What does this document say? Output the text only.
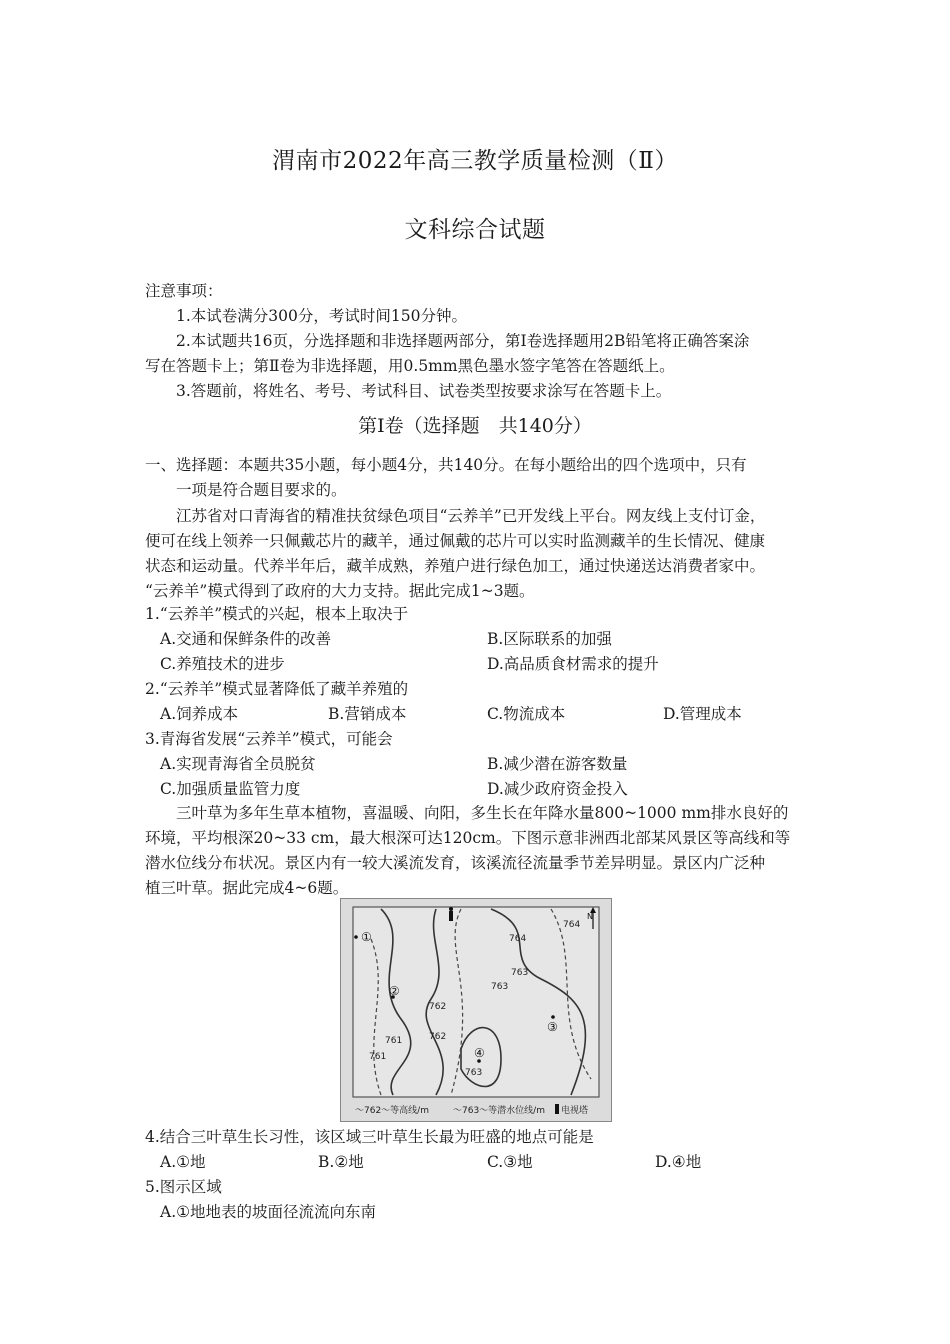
渭南市2022年高三教学质量检测（Ⅱ）
文科综合试题
注意事项：
1.本试卷满分300分，考试时间150分钟。
2.本试题共16页，分选择题和非选择题两部分，第Ⅰ卷选择题用2B铅笔将正确答案涂
写在答题卡上；第Ⅱ卷为非选择题，用0.5mm黑色墨水签字笔答在答题纸上。
3.答题前，将姓名、考号、考试科目、试卷类型按要求涂写在答题卡上。
第Ⅰ卷（选择题　共140分）
一、选择题：本题共35小题，每小题4分，共140分。在每小题给出的四个选项中，只有
一项是符合题目要求的。
江苏省对口青海省的精准扶贫绿色项目“云养羊”已开发线上平台。网友线上支付订金，
便可在线上领养一只佩戴芯片的藏羊，通过佩戴的芯片可以实时监测藏羊的生长情况、健康
状态和运动量。代养半年后，藏羊成熟，养殖户进行绿色加工，通过快递送达消费者家中。
“云养羊”模式得到了政府的大力支持。据此完成1~3题。
1.“云养羊”模式的兴起，根本上取决于
A.交通和保鲜条件的改善	B.区际联系的加强
C.养殖技术的进步	D.高品质食材需求的提升
2.“云养羊”模式显著降低了藏羊养殖的
A.饲养成本	B.营销成本	C.物流成本	D.管理成本
3.青海省发展“云养羊”模式，可能会
A.实现青海省全员脱贫	B.减少潜在游客数量
C.加强质量监管力度	D.减少政府资金投入
三叶草为多年生草本植物，喜温暖、向阳，多生长在年降水量800~1000 mm排水良好的
环境，平均根深20~33 cm，最大根深可达120cm。下图示意非洲西北部某风景区等高线和等
潜水位线分布状况。景区内有一较大溪流发育，该溪流径流量季节差异明显。景区内广泛种
植三叶草。据此完成4~6题。
764
764
763
763
762
762
761
761
763
①
②
③
④
N
～762～等高线/m	～763～等潜水位线/m 电视塔
4.结合三叶草生长习性，该区域三叶草生长最为旺盛的地点可能是
A.①地	B.②地	C.③地	D.④地
5.图示区域
A.①地地表的坡面径流流向东南
